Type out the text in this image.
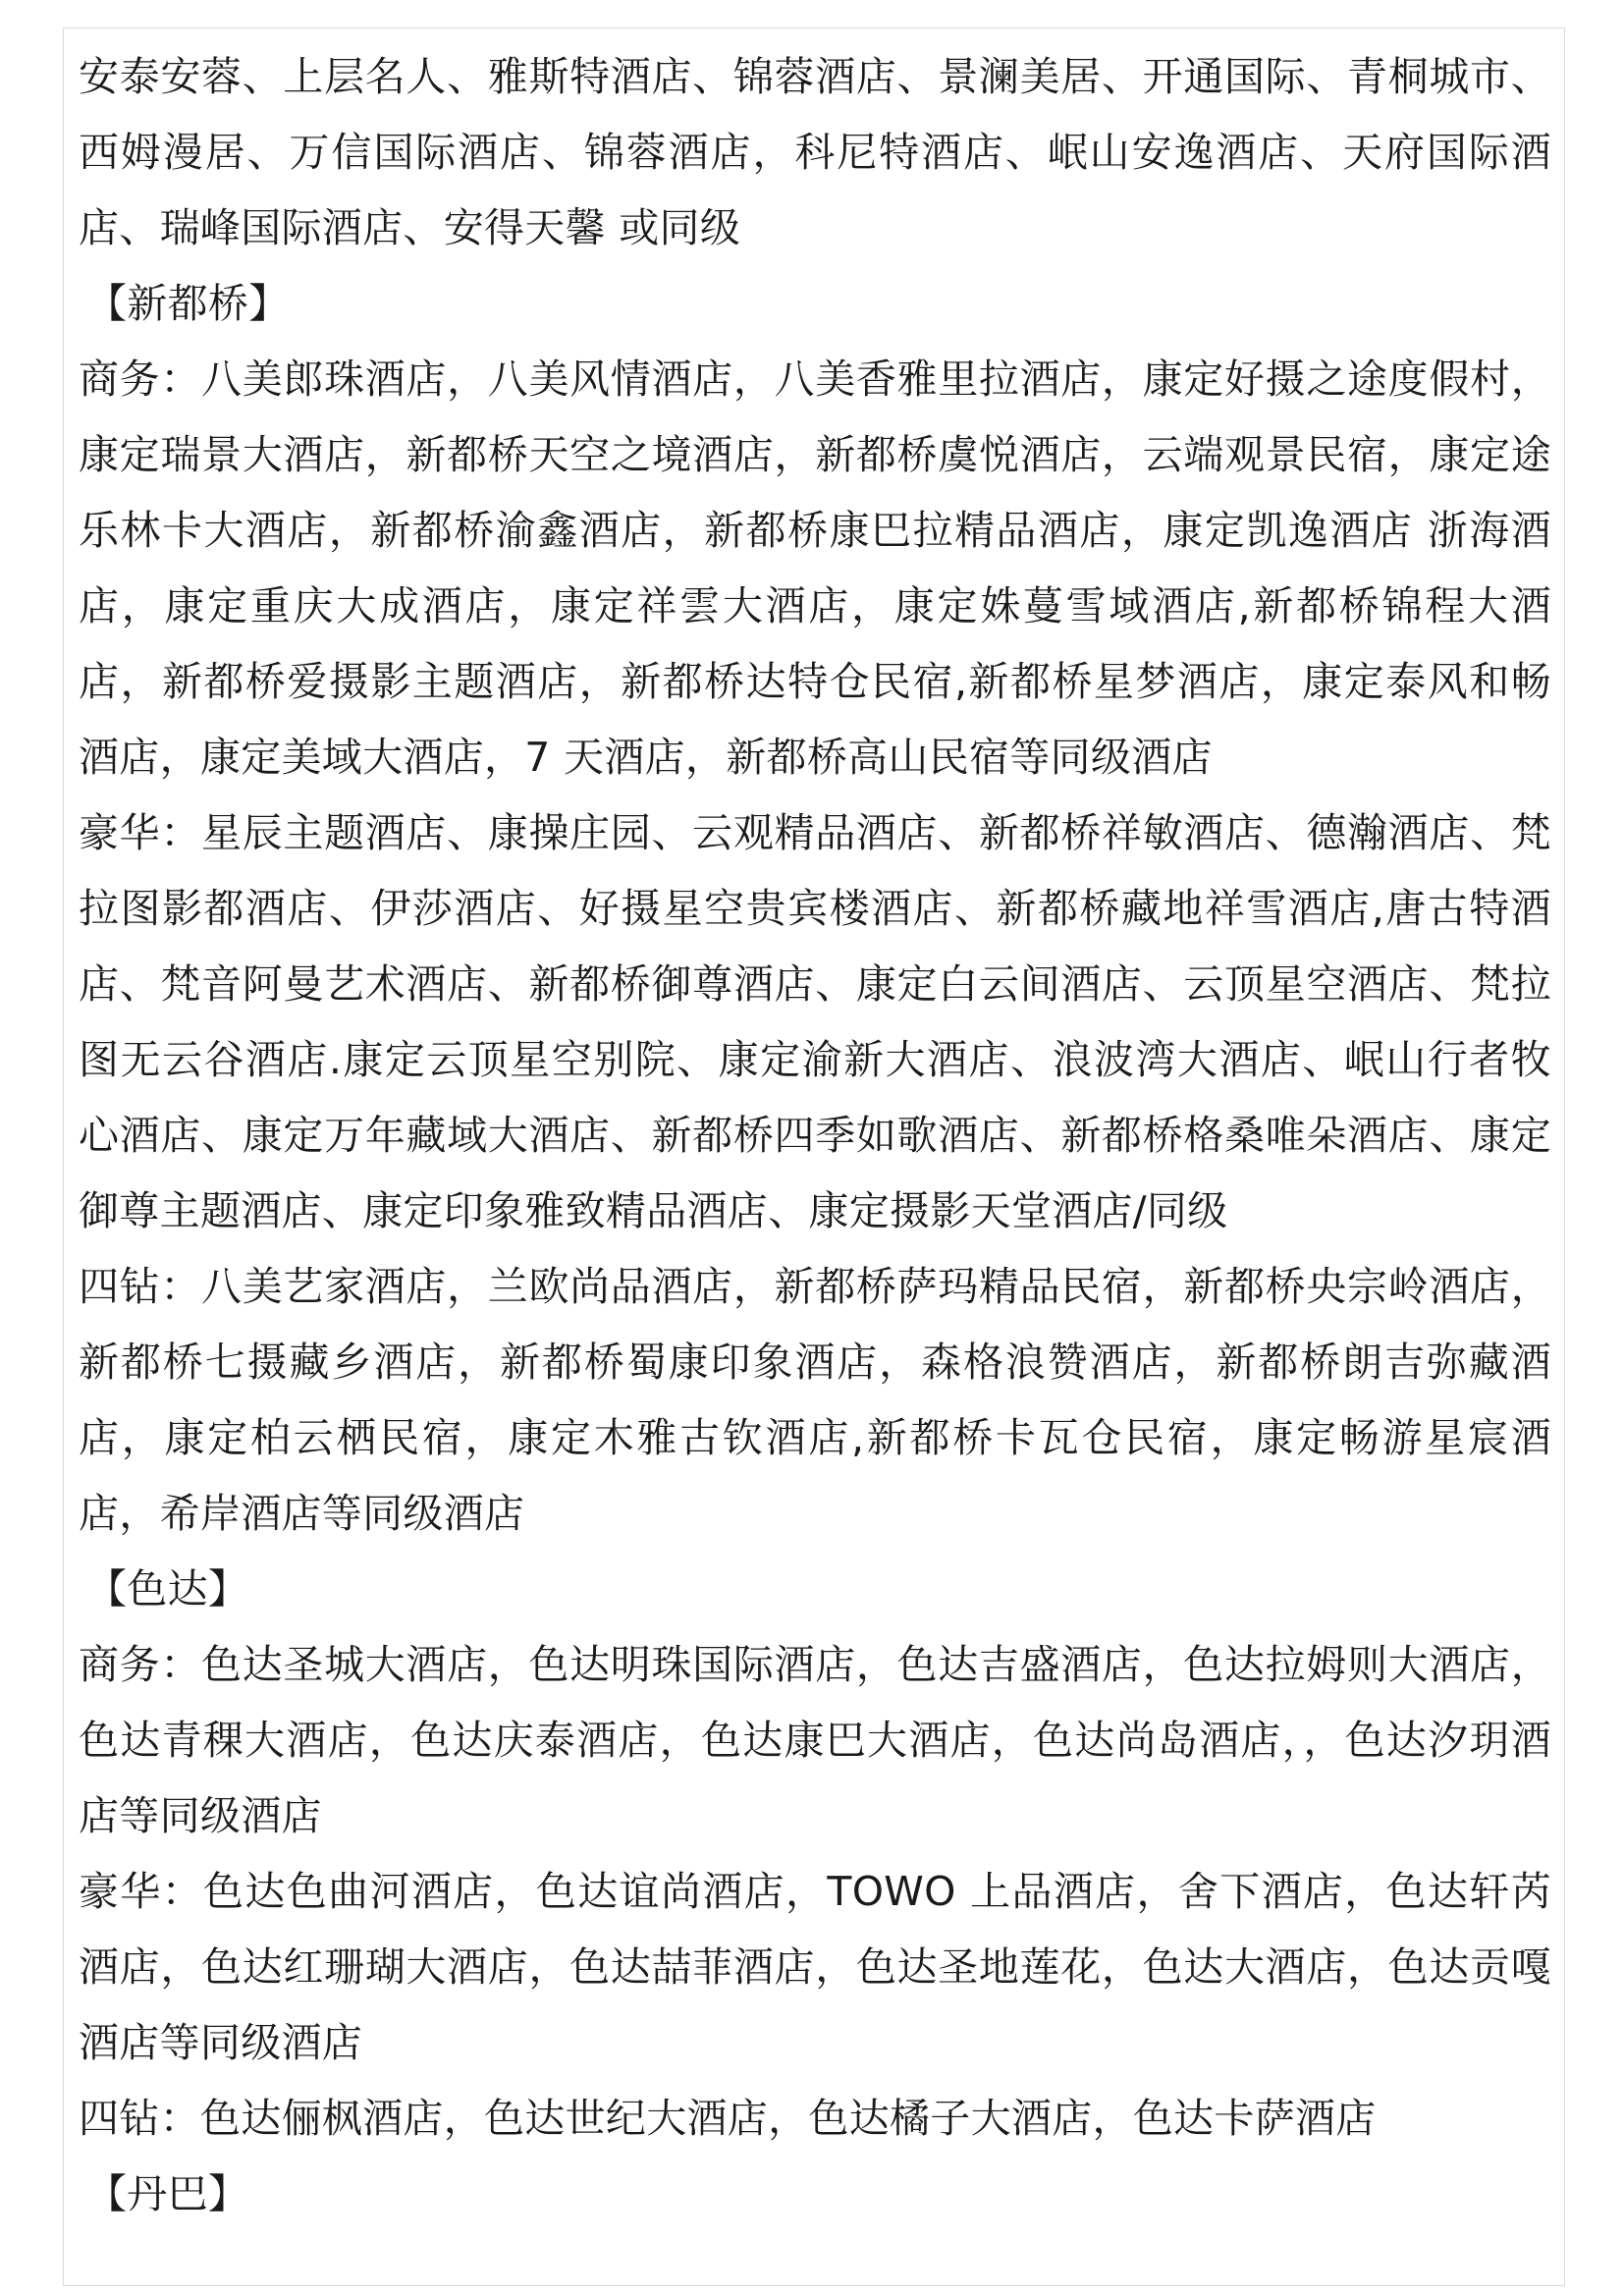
安泰安蓉、上层名人、雅斯特酒店、锦蓉酒店、景澜美居、开通国际、青桐城市、西姆漫居、万信国际酒店、锦蓉酒店，科尼特酒店、岷山安逸酒店、天府国际酒店、瑞峰国际酒店、安得天馨 或同级

【新都桥】

商务：八美郎珠酒店，八美风情酒店，八美香雅里拉酒店，康定好摄之途度假村，康定瑞景大酒店，新都桥天空之境酒店，新都桥虞悦酒店，云端观景民宿，康定途乐林卡大酒店，新都桥渝鑫酒店，新都桥康巴拉精品酒店，康定凯逸酒店 浙海酒店，康定重庆大成酒店，康定祥雲大酒店，康定姝蔓雪域酒店,新都桥锦程大酒店，新都桥爱摄影主题酒店，新都桥达特仓民宿,新都桥星梦酒店，康定泰风和畅酒店，康定美域大酒店，7 天酒店，新都桥高山民宿等同级酒店

豪华：星辰主题酒店、康操庄园、云观精品酒店、新都桥祥敏酒店、德瀚酒店、梵拉图影都酒店、伊莎酒店、好摄星空贵宾楼酒店、新都桥藏地祥雪酒店,唐古特酒店、梵音阿曼艺术酒店、新都桥御尊酒店、康定白云间酒店、云顶星空酒店、梵拉图无云谷酒店.康定云顶星空别院、康定渝新大酒店、浪波湾大酒店、岷山行者牧心酒店、康定万年藏域大酒店、新都桥四季如歌酒店、新都桥格桑唯朵酒店、康定御尊主题酒店、康定印象雅致精品酒店、康定摄影天堂酒店/同级

四钻：八美艺家酒店，兰欧尚品酒店，新都桥萨玛精品民宿，新都桥央宗岭酒店，新都桥七摄藏乡酒店，新都桥蜀康印象酒店，森格浪赞酒店，新都桥朗吉弥藏酒店，康定柏云栖民宿，康定木雅古钦酒店,新都桥卡瓦仓民宿，康定畅游星宸酒店，希岸酒店等同级酒店

【色达】

商务：色达圣城大酒店，色达明珠国际酒店，色达吉盛酒店，色达拉姆则大酒店，色达青稞大酒店，色达庆泰酒店，色达康巴大酒店，色达尚岛酒店，，色达汐玥酒店等同级酒店

豪华：色达色曲河酒店，色达谊尚酒店，TOWO 上品酒店，舍下酒店，色达轩芮酒店，色达红珊瑚大酒店，色达喆菲酒店，色达圣地莲花，色达大酒店，色达贡嘎酒店等同级酒店

四钻：色达俪枫酒店，色达世纪大酒店，色达橘子大酒店，色达卡萨酒店

【丹巴】
